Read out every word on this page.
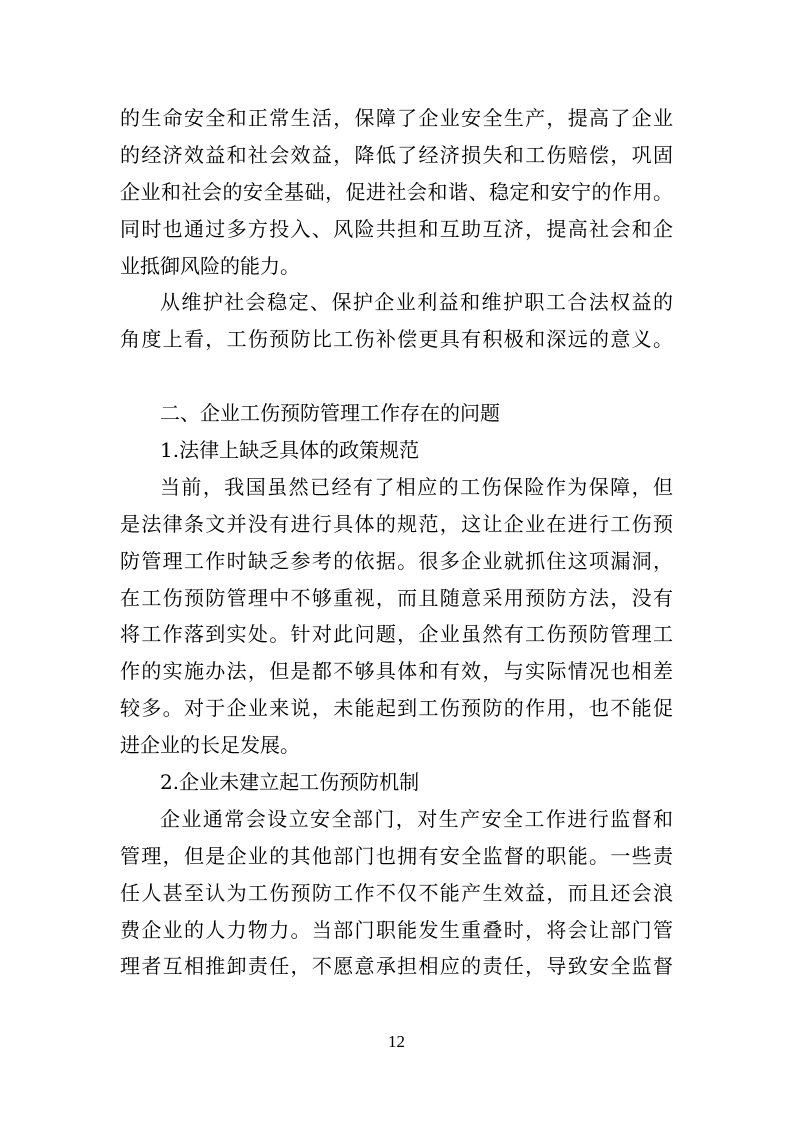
的生命安全和正常生活，保障了企业安全生产，提高了企业
的经济效益和社会效益，降低了经济损失和工伤赔偿，巩固
企业和社会的安全基础，促进社会和谐、稳定和安宁的作用。
同时也通过多方投入、风险共担和互助互济，提高社会和企
业抵御风险的能力。
从维护社会稳定、保护企业利益和维护职工合法权益的
角度上看，工伤预防比工伤补偿更具有积极和深远的意义。
二、企业工伤预防管理工作存在的问题
1.法律上缺乏具体的政策规范
当前，我国虽然已经有了相应的工伤保险作为保障，但
是法律条文并没有进行具体的规范，这让企业在进行工伤预
防管理工作时缺乏参考的依据。很多企业就抓住这项漏洞，
在工伤预防管理中不够重视，而且随意采用预防方法，没有
将工作落到实处。针对此问题，企业虽然有工伤预防管理工
作的实施办法，但是都不够具体和有效，与实际情况也相差
较多。对于企业来说，未能起到工伤预防的作用，也不能促
进企业的长足发展。
2.企业未建立起工伤预防机制
企业通常会设立安全部门，对生产安全工作进行监督和
管理，但是企业的其他部门也拥有安全监督的职能。一些责
任人甚至认为工伤预防工作不仅不能产生效益，而且还会浪
费企业的人力物力。当部门职能发生重叠时，将会让部门管
理者互相推卸责任，不愿意承担相应的责任，导致安全监督
12
